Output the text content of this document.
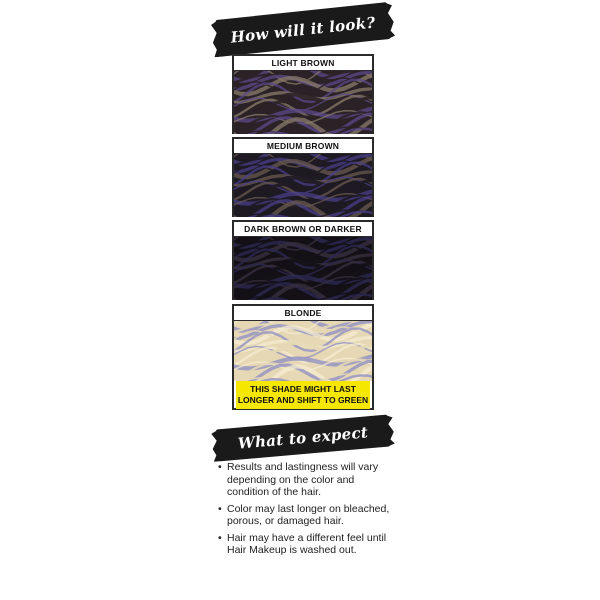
How will it look?
LIGHT BROWN
MEDIUM BROWN
DARK BROWN OR DARKER
BLONDE
THIS SHADE MIGHT LAST
LONGER AND SHIFT TO GREEN
What to expect
• Results and lastingness will vary depending on the color and condition of the hair.
• Color may last longer on bleached, porous, or damaged hair.
• Hair may have a different feel until Hair Makeup is washed out.
